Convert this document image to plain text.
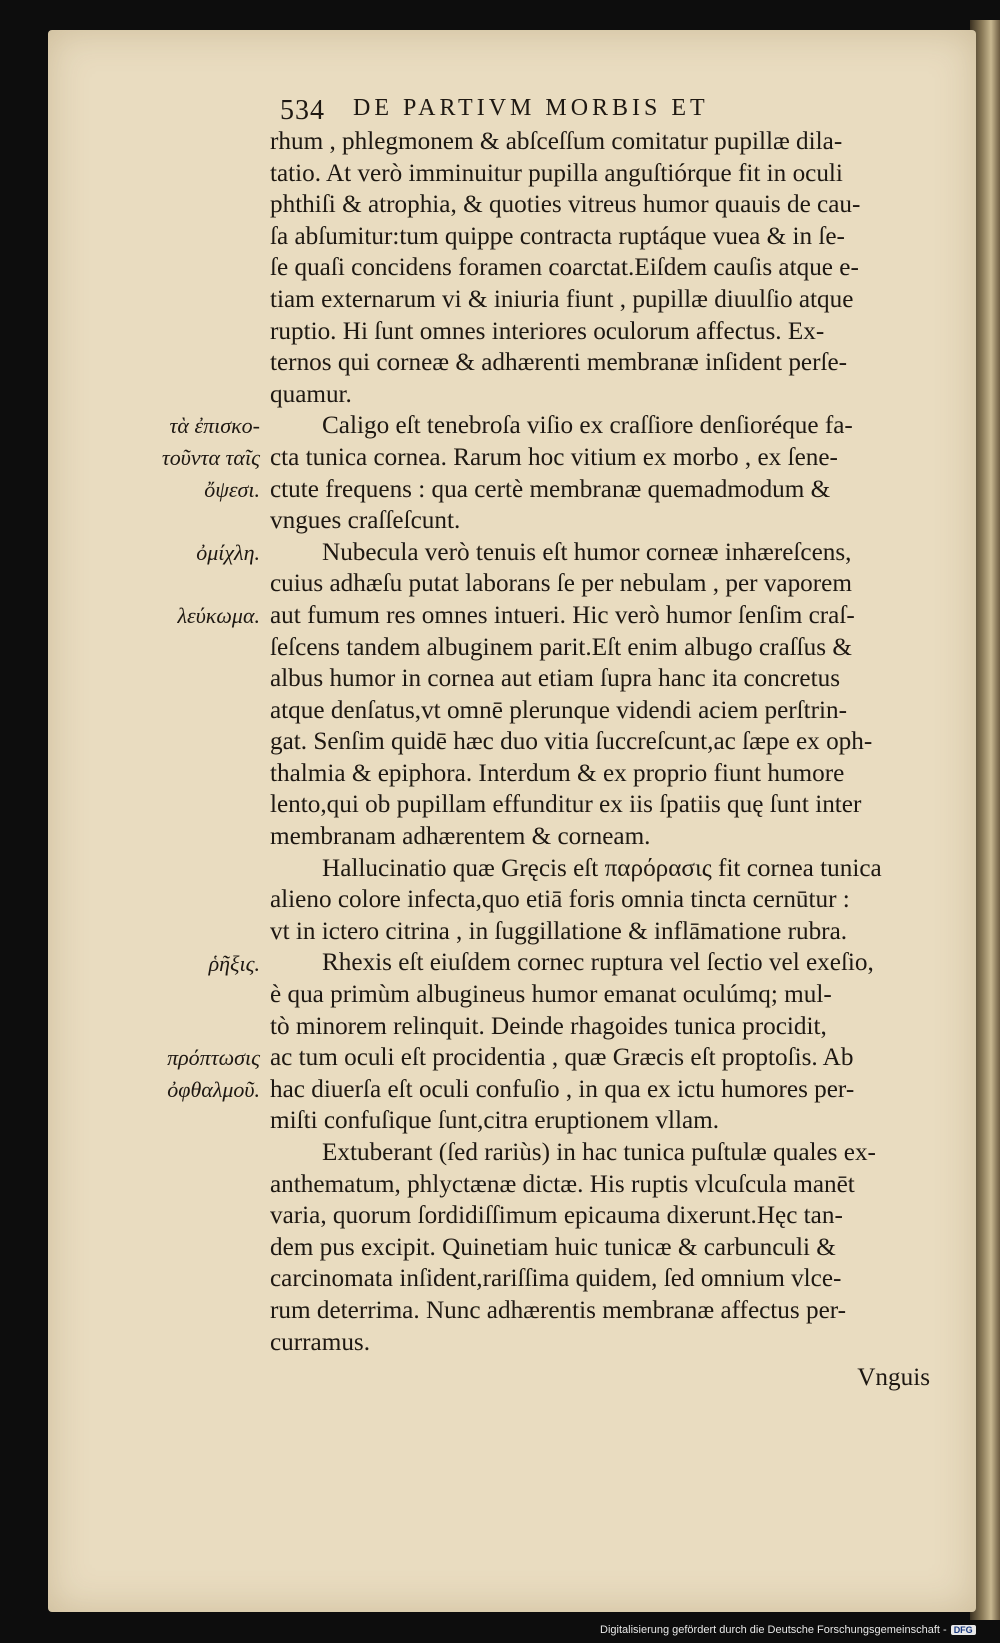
534 DE PARTIVM MORBIS ET
rhum , phlegmonem & abſceſſum comitatur pupillæ dila-
tatio. At verò imminuitur pupilla anguſtiórque fit in oculi
phthiſi & atrophia, & quoties vitreus humor quauis de cau-
ſa abſumitur:tum quippe contracta ruptáque vuea & in ſe-
ſe quaſi concidens foramen coarctat.Eiſdem cauſis atque e-
tiam externarum vi & iniuria fiunt , pupillæ diuulſio atque
ruptio. Hi ſunt omnes interiores oculorum affectus. Ex-
ternos qui corneæ & adhærenti membranæ inſident perſe-
quamur.
Caligo eſt tenebroſa viſio ex craſſiore denſioréque fa-
cta tunica cornea. Rarum hoc vitium ex morbo , ex ſene-
ctute frequens : qua certè membranæ quemadmodum &
vngues craſſeſcunt.
Nubecula verò tenuis eſt humor corneæ inhæreſcens,
cuius adhæſu putat laborans ſe per nebulam , per vaporem
aut fumum res omnes intueri. Hic verò humor ſenſim craſ-
ſeſcens tandem albuginem parit.Eſt enim albugo craſſus &
albus humor in cornea aut etiam ſupra hanc ita concretus
atque denſatus,vt omnē plerunque videndi aciem perſtrin-
gat. Senſim quidē hæc duo vitia ſuccreſcunt,ac ſæpe ex oph-
thalmia & epiphora. Interdum & ex proprio fiunt humore
lento,qui ob pupillam effunditur ex iis ſpatiis quę ſunt inter
membranam adhærentem & corneam.
Hallucinatio quæ Gręcis eſt παρόρασις fit cornea tunica
alieno colore infecta,quo etiā foris omnia tincta cernūtur :
vt in ictero citrina , in ſuggillatione & inflāmatione rubra.
Rhexis eſt eiuſdem cornec ruptura vel ſectio vel exeſio,
è qua primùm albugineus humor emanat oculúmq; mul-
tò minorem relinquit. Deinde rhagoides tunica procidit,
ac tum oculi eſt procidentia , quæ Græcis eſt proptoſis. Ab
hac diuerſa eſt oculi confuſio , in qua ex ictu humores per-
miſti confuſique ſunt,citra eruptionem vllam.
Extuberant (ſed rariùs) in hac tunica puſtulæ quales ex-
anthematum, phlyctænæ dictæ. His ruptis vlcuſcula manēt
varia, quorum ſordidiſſimum epicauma dixerunt.Hęc tan-
dem pus excipit. Quinetiam huic tunicæ & carbunculi &
carcinomata inſident,rariſſima quidem, ſed omnium vlce-
rum deterrima. Nunc adhærentis membranæ affectus per-
curramus.
Vnguis
τὰ ἐπισκο-
τοῦντα ταῖς
ὄψεσι.
ὀμίχλη.
λεύκωμα.
ῥῆξις.
πρόπτωσις
ὀφθαλμοῦ.
Digitalisierung gefördert durch die Deutsche Forschungsgemeinschaft - DFG
